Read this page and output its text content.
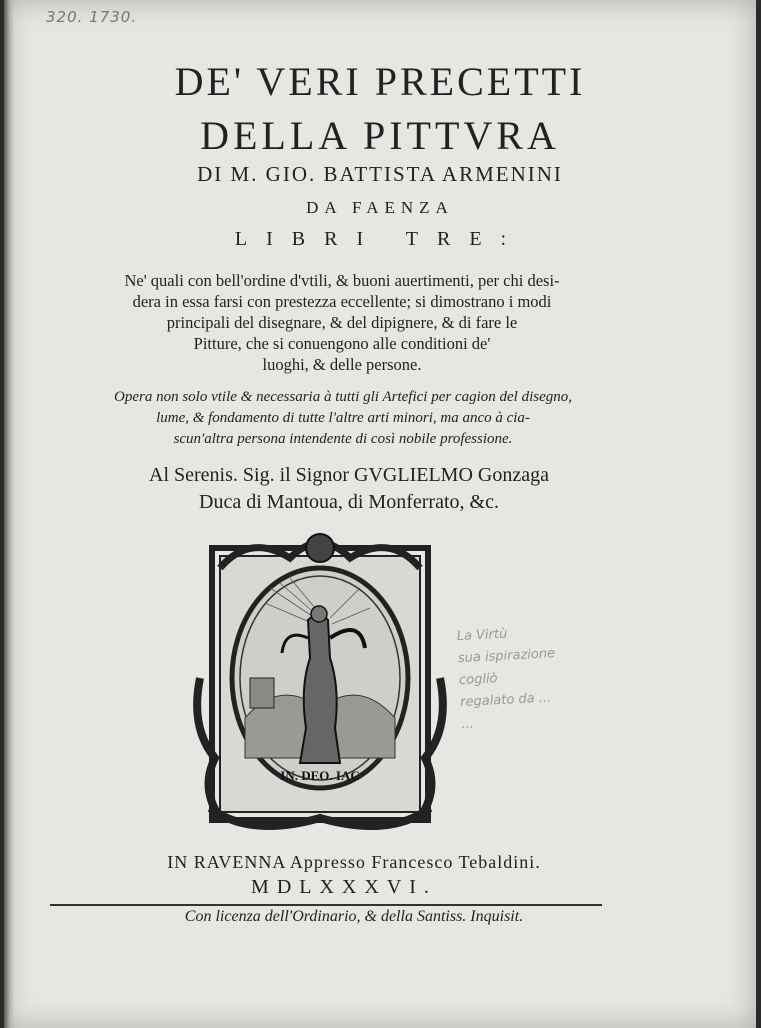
320. 1730.
DE' VERI PRECETTI
DELLA PITTVRA
DI M. GIO. BATTISTA ARMENINI
DA FAENZA
LIBRI TRE:
Ne' quali con bell'ordine d'vtili, & buoni auertimenti, per chi desi-
dera in essa farsi con prestezza eccellente; si dimostrano i modi
principali del disegnare, & del dipignere, & di fare le
Pitture, che si conuengono alle conditioni de'
luoghi, & delle persone.
Opera non solo vtile & necessaria à tutti gli Artefici per cagion del disegno,
lume, & fondamento di tutte l'altre arti minori, ma anco à cia-
scun'altra persona intendente di così nobile professione.
Al Serenis. Sig. il Signor GVGLIELMO Gonzaga
Duca di Mantoua, di Monferrato, &c.
IN. DEO. IAC
La Virtù
sua ispirazione
cogliò
regalato da ...
...
IN RAVENNA Appresso Francesco Tebaldini.
MDLXXXVI.
Con licenza dell'Ordinario, & della Santiss. Inquisit.
